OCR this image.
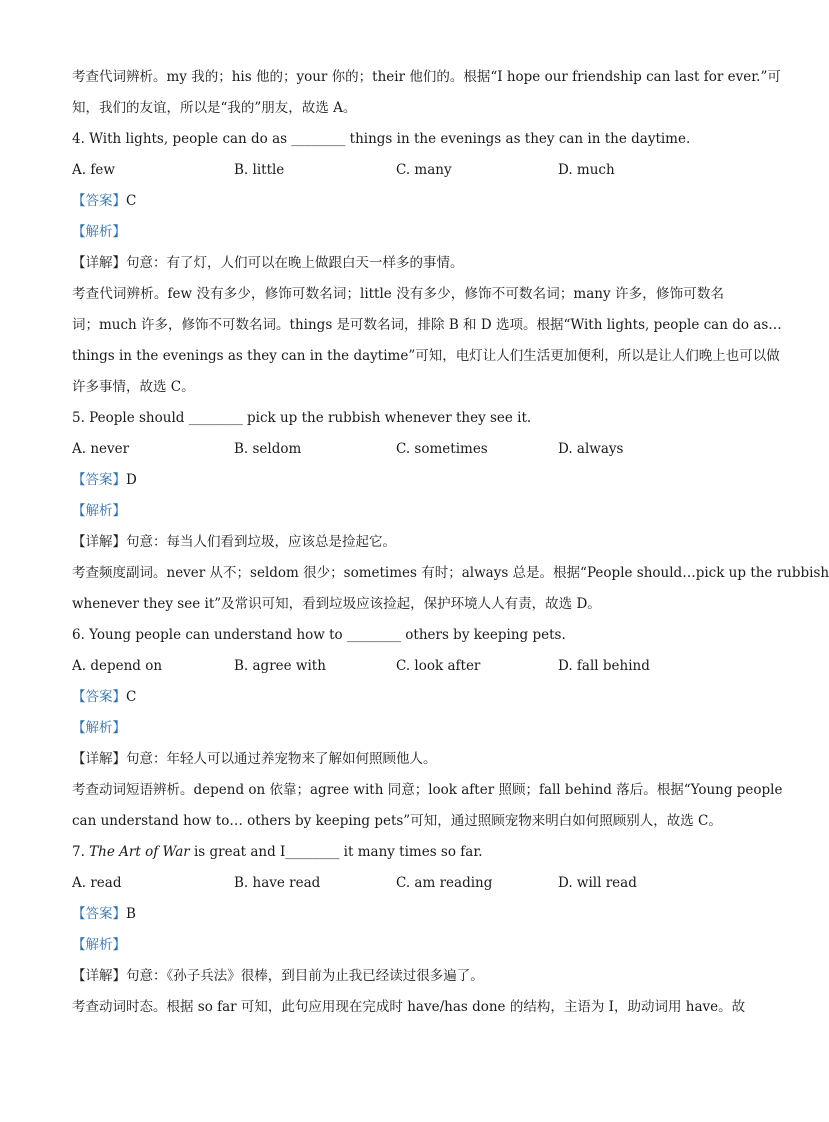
考查代词辨析。my 我的；his 他的；your 你的；their 他们的。根据“I hope our friendship can last for ever.”可
知，我们的友谊，所以是“我的”朋友，故选 A。
4. With lights, people can do as ________ things in the evenings as they can in the daytime.
A. few	B. little	C. many	D. much
【答案】C
【解析】
【详解】句意：有了灯，人们可以在晚上做跟白天一样多的事情。
考查代词辨析。few 没有多少，修饰可数名词；little 没有多少，修饰不可数名词；many 许多，修饰可数名
词；much 许多，修饰不可数名词。things 是可数名词，排除 B 和 D 选项。根据“With lights, people can do as…
things in the evenings as they can in the daytime”可知，电灯让人们生活更加便利，所以是让人们晚上也可以做
许多事情，故选 C。
5. People should ________ pick up the rubbish whenever they see it.
A. never	B. seldom	C. sometimes	D. always
【答案】D
【解析】
【详解】句意：每当人们看到垃圾，应该总是捡起它。
考查频度副词。never 从不；seldom 很少；sometimes 有时；always 总是。根据“People should…pick up the rubbish
whenever they see it”及常识可知，看到垃圾应该捡起，保护环境人人有责，故选 D。
6. Young people can understand how to ________ others by keeping pets.
A. depend on	B. agree with	C. look after	D. fall behind
【答案】C
【解析】
【详解】句意：年轻人可以通过养宠物来了解如何照顾他人。
考查动词短语辨析。depend on 依靠；agree with 同意；look after 照顾；fall behind 落后。根据“Young people
can understand how to… others by keeping pets”可知，通过照顾宠物来明白如何照顾别人，故选 C。
7. The Art of War is great and I________ it many times so far.
A. read	B. have read	C. am reading	D. will read
【答案】B
【解析】
【详解】句意：《孙子兵法》很棒，到目前为止我已经读过很多遍了。
考查动词时态。根据 so far 可知，此句应用现在完成时 have/has done 的结构，主语为 I，助动词用 have。故
